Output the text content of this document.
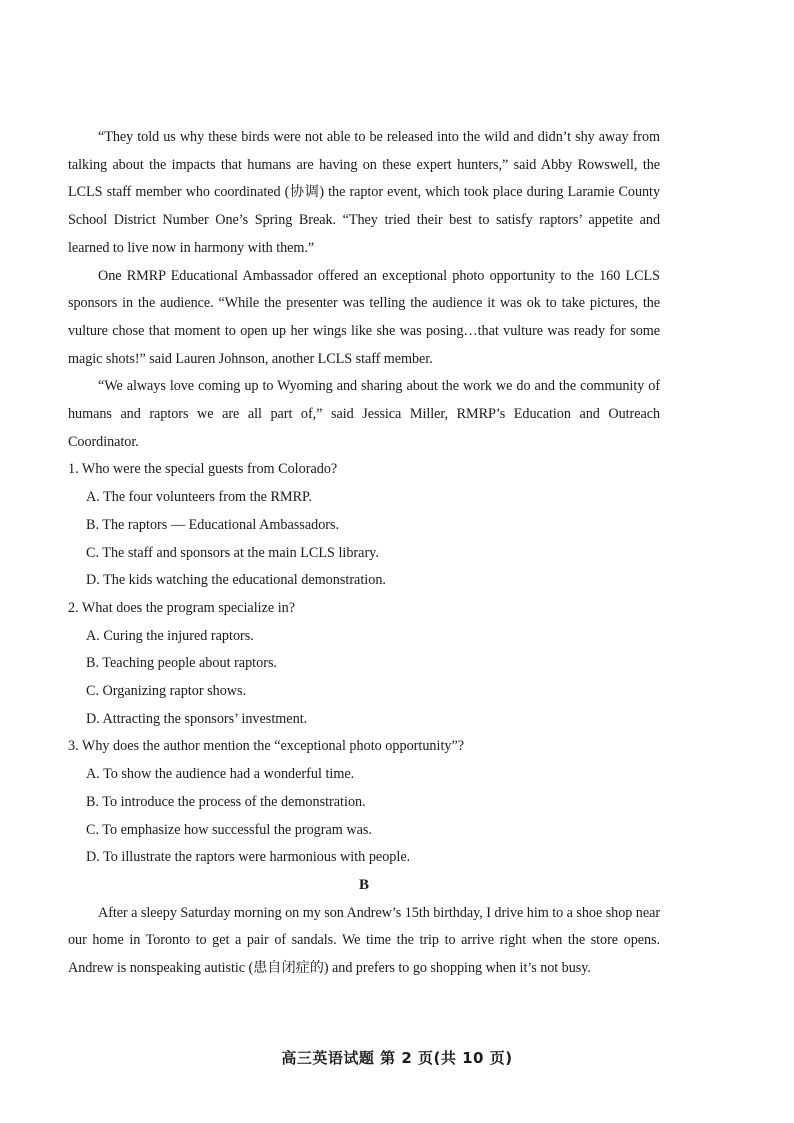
“They told us why these birds were not able to be released into the wild and didn’t shy away from talking about the impacts that humans are having on these expert hunters,” said Abby Rowswell, the LCLS staff member who coordinated (协调) the raptor event, which took place during Laramie County School District Number One’s Spring Break. “They tried their best to satisfy raptors’ appetite and learned to live now in harmony with them.”

One RMRP Educational Ambassador offered an exceptional photo opportunity to the 160 LCLS sponsors in the audience. “While the presenter was telling the audience it was ok to take pictures, the vulture chose that moment to open up her wings like she was posing…that vulture was ready for some magic shots!” said Lauren Johnson, another LCLS staff member.

“We always love coming up to Wyoming and sharing about the work we do and the community of humans and raptors we are all part of,” said Jessica Miller, RMRP’s Education and Outreach Coordinator.

1. Who were the special guests from Colorado?

A. The four volunteers from the RMRP.

B. The raptors — Educational Ambassadors.

C. The staff and sponsors at the main LCLS library.

D. The kids watching the educational demonstration.

2. What does the program specialize in?

A. Curing the injured raptors.

B. Teaching people about raptors.

C. Organizing raptor shows.

D. Attracting the sponsors’ investment.

3. Why does the author mention the “exceptional photo opportunity”?

A. To show the audience had a wonderful time.

B. To introduce the process of the demonstration.

C. To emphasize how successful the program was.

D. To illustrate the raptors were harmonious with people.

B

After a sleepy Saturday morning on my son Andrew’s 15th birthday, I drive him to a shoe shop near our home in Toronto to get a pair of sandals. We time the trip to arrive right when the store opens. Andrew is nonspeaking autistic (患自闭症的) and prefers to go shopping when it’s not busy.

高三英语试题 第 2 页(共 10 页)
